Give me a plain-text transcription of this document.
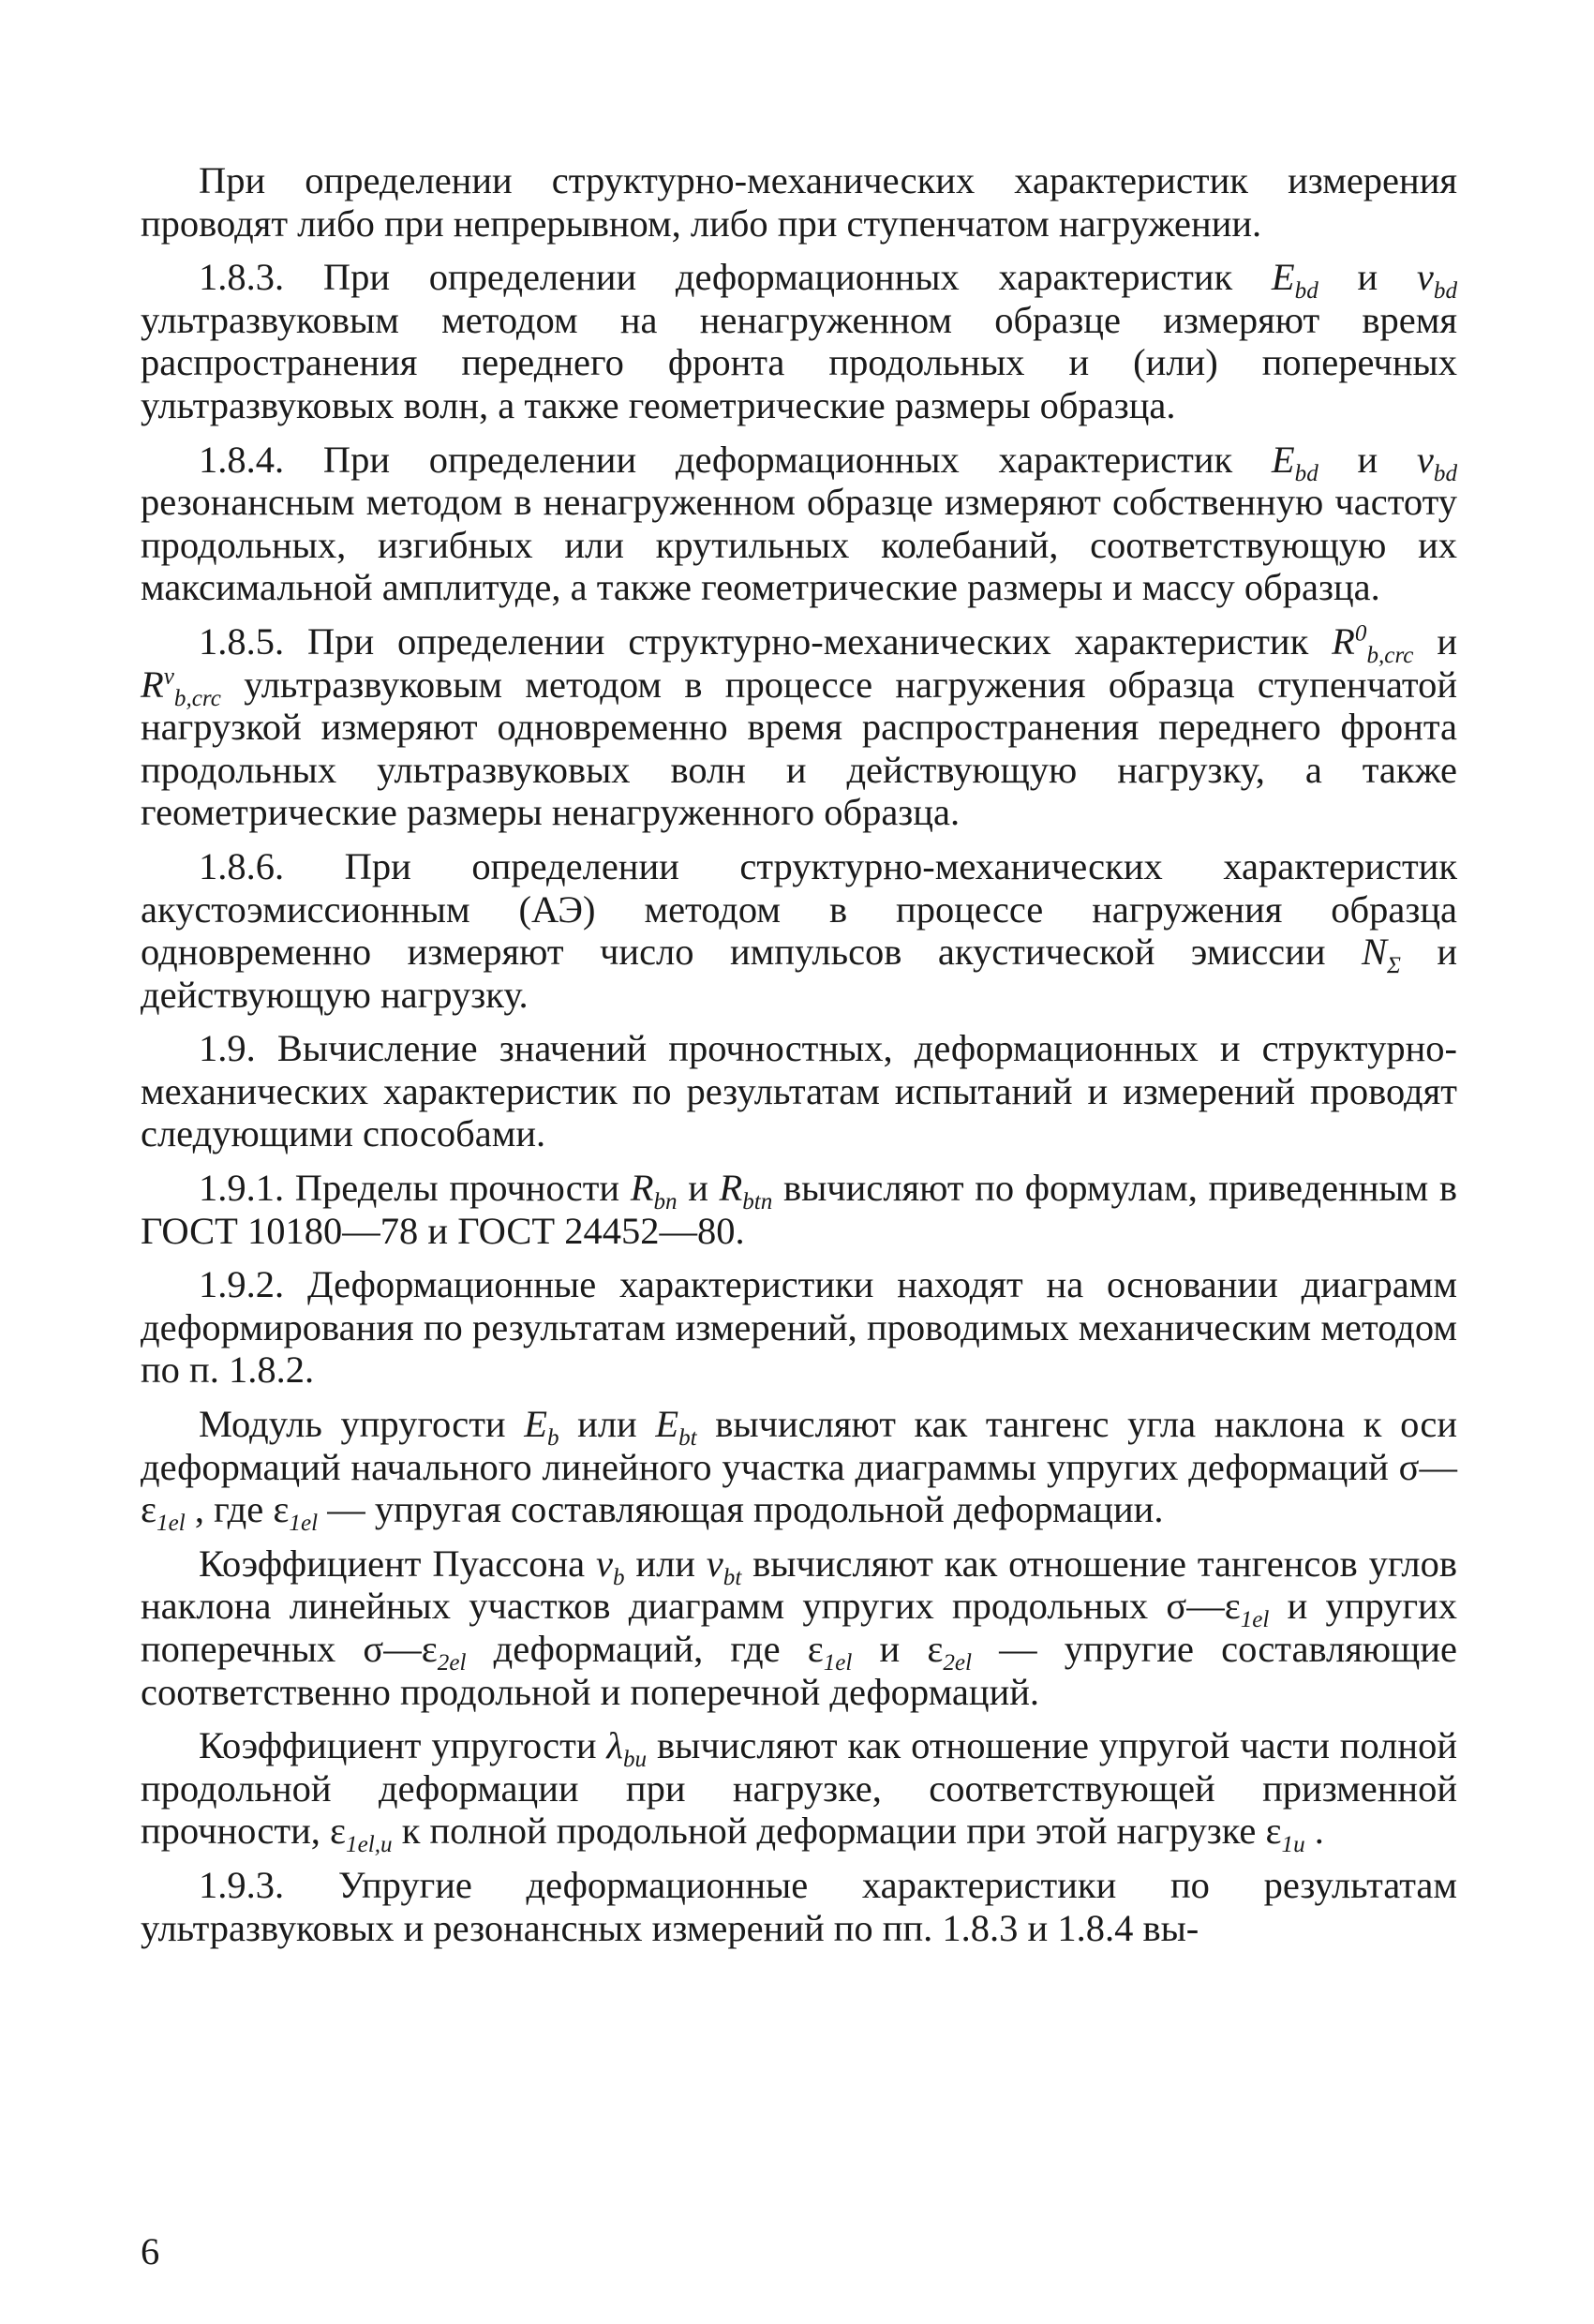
При определении структурно-механических характеристик измерения проводят либо при непрерывном, либо при ступенчатом нагружении.

1.8.3. При определении деформационных характеристик $E_{bd}$ и $\nu_{bd}$ ультразвуковым методом на ненагруженном образце измеряют время распространения переднего фронта продольных и (или) поперечных ультразвуковых волн, а также геометрические размеры образца.

1.8.4. При определении деформационных характеристик $E_{bd}$ и $\nu_{bd}$ резонансным методом в ненагруженном образце измеряют собственную частоту продольных, изгибных или крутильных колебаний, соответствующую их максимальной амплитуде, а также геометрические размеры и массу образца.

1.8.5. При определении структурно-механических характеристик $R^0_{b,crc}$ и $R^v_{b,crc}$ ультразвуковым методом в процессе нагружения образца ступенчатой нагрузкой измеряют одновременно время распространения переднего фронта продольных ультразвуковых волн и действующую нагрузку, а также геометрические размеры ненагруженного образца.

1.8.6. При определении структурно-механических характеристик акустоэмиссионным (АЭ) методом в процессе нагружения образца одновременно измеряют число импульсов акустической эмиссии $N_\Sigma$ и действующую нагрузку.

1.9. Вычисление значений прочностных, деформационных и структурно-механических характеристик по результатам испытаний и измерений проводят следующими способами.

1.9.1. Пределы прочности $R_{bn}$ и $R_{btn}$ вычисляют по формулам, приведенным в ГОСТ 10180—78 и ГОСТ 24452—80.

1.9.2. Деформационные характеристики находят на основании диаграмм деформирования по результатам измерений, проводимых механическим методом по п. 1.8.2.

Модуль упругости $E_b$ или $E_{bt}$ вычисляют как тангенс угла наклона к оси деформаций начального линейного участка диаграммы упругих деформаций $\sigma—\varepsilon_{1el}$ , где $\varepsilon_{1el}$ — упругая составляющая продольной деформации.

Коэффициент Пуассона $\nu_b$ или $\nu_{bt}$ вычисляют как отношение тангенсов углов наклона линейных участков диаграмм упругих продольных $\sigma—\varepsilon_{1el}$ и упругих поперечных $\sigma—\varepsilon_{2el}$ деформаций, где $\varepsilon_{1el}$ и $\varepsilon_{2el}$ — упругие составляющие соответственно продольной и поперечной деформаций.

Коэффициент упругости $\lambda_{bu}$ вычисляют как отношение упругой части полной продольной деформации при нагрузке, соответствующей призменной прочности, $\varepsilon_{1el,u}$ к полной продольной деформации при этой нагрузке $\varepsilon_{1u}$ .

1.9.3. Упругие деформационные характеристики по результатам ультразвуковых и резонансных измерений по пп. 1.8.3 и 1.8.4 вы-

6
